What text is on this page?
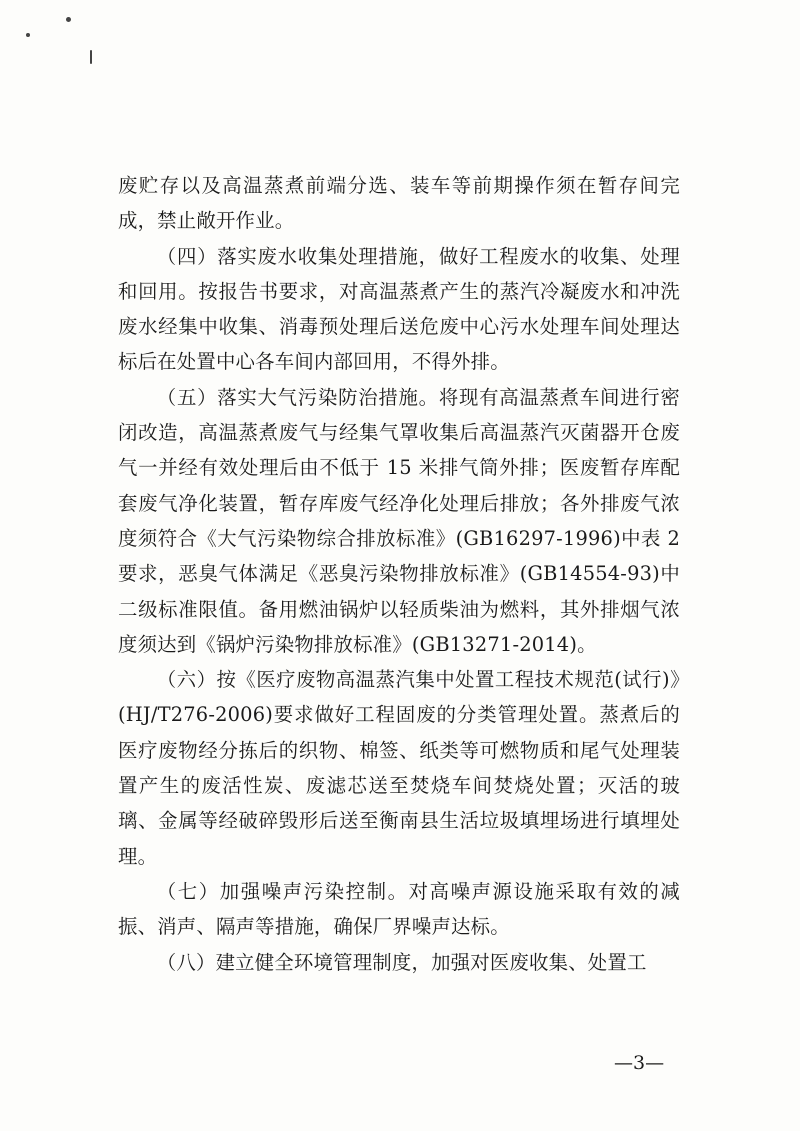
废贮存以及高温蒸煮前端分选、装车等前期操作须在暂存间完成，禁止敞开作业。

（四）落实废水收集处理措施，做好工程废水的收集、处理和回用。按报告书要求，对高温蒸煮产生的蒸汽冷凝废水和冲洗废水经集中收集、消毒预处理后送危废中心污水处理车间处理达标后在处置中心各车间内部回用，不得外排。

（五）落实大气污染防治措施。将现有高温蒸煮车间进行密闭改造，高温蒸煮废气与经集气罩收集后高温蒸汽灭菌器开仓废气一并经有效处理后由不低于 15 米排气筒外排；医废暂存库配套废气净化装置，暂存库废气经净化处理后排放；各外排废气浓度须符合《大气污染物综合排放标准》(GB16297-1996)中表 2 要求，恶臭气体满足《恶臭污染物排放标准》(GB14554-93)中二级标准限值。备用燃油锅炉以轻质柴油为燃料，其外排烟气浓度须达到《锅炉污染物排放标准》(GB13271-2014)。

（六）按《医疗废物高温蒸汽集中处置工程技术规范(试行)》(HJ/T276-2006)要求做好工程固废的分类管理处置。蒸煮后的医疗废物经分拣后的织物、棉签、纸类等可燃物质和尾气处理装置产生的废活性炭、废滤芯送至焚烧车间焚烧处置；灭活的玻璃、金属等经破碎毁形后送至衡南县生活垃圾填埋场进行填埋处理。

（七）加强噪声污染控制。对高噪声源设施采取有效的减振、消声、隔声等措施，确保厂界噪声达标。

（八）建立健全环境管理制度，加强对医废收集、处置工

—3—
